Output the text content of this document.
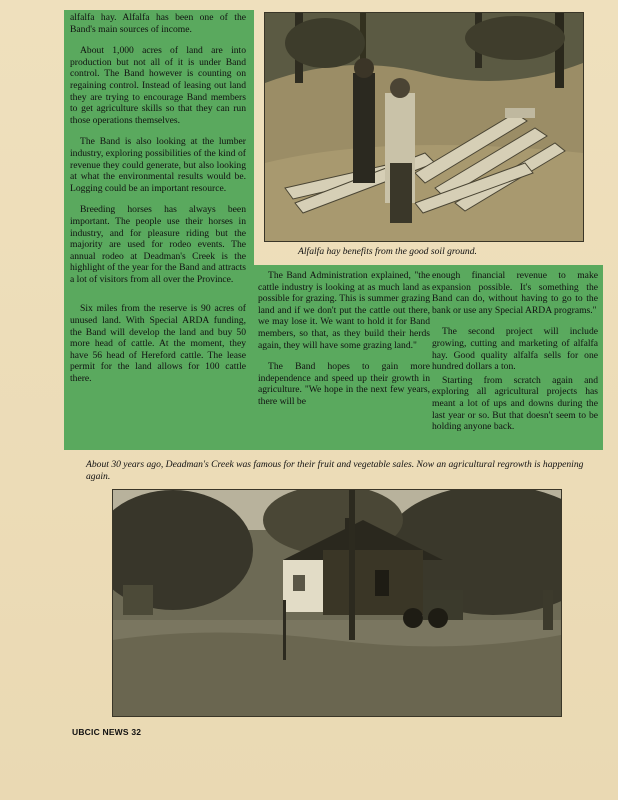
alfalfa hay. Alfalfa has been one of the Band's main sources of income.

About 1,000 acres of land are into production but not all of it is under Band control. The Band however is counting on regaining control. Instead of leasing out land they are trying to encourage Band members to get agriculture skills so that they can run those operations themselves.

The Band is also looking at the lumber industry, exploring possibilities of the kind of revenue they could generate, but also looking at what the environmental results would be. Logging could be an important resource.

Breeding horses has always been important. The people use their horses in industry, and for pleasure riding but the majority are used for rodeo events. The annual rodeo at Deadman's Creek is the highlight of the year for the Band and attracts a lot of visitors from all over the Province.

Six miles from the reserve is 90 acres of unused land. With Special ARDA funding, the Band will develop the land and buy 50 more head of cattle. At the moment, they have 56 head of Hereford cattle. The lease permit for the land allows for 100 cattle there.

Alfalfa hay benefits from the good soil ground.

The Band Administration explained, "the cattle industry is looking at as much land as possible for grazing. This is summer grazing land and if we don't put the cattle out there, we may lose it. We want to hold it for Band members, so that, as they build their herds again, they will have some grazing land."

The Band hopes to gain more independence and speed up their growth in agriculture. "We hope in the next few years, there will be

enough financial revenue to make expansion possible. It's something the Band can do, without having to go to the bank or use any Special ARDA programs."

The second project will include growing, cutting and marketing of alfalfa hay. Good quality alfalfa sells for one hundred dollars a ton.

Starting from scratch again and exploring all agricultural projects has meant a lot of ups and downs during the last year or so. But that doesn't seem to be holding anyone back.

About 30 years ago, Deadman's Creek was famous for their fruit and vegetable sales. Now an agricultural regrowth is happening again.
UBCIC NEWS 32
